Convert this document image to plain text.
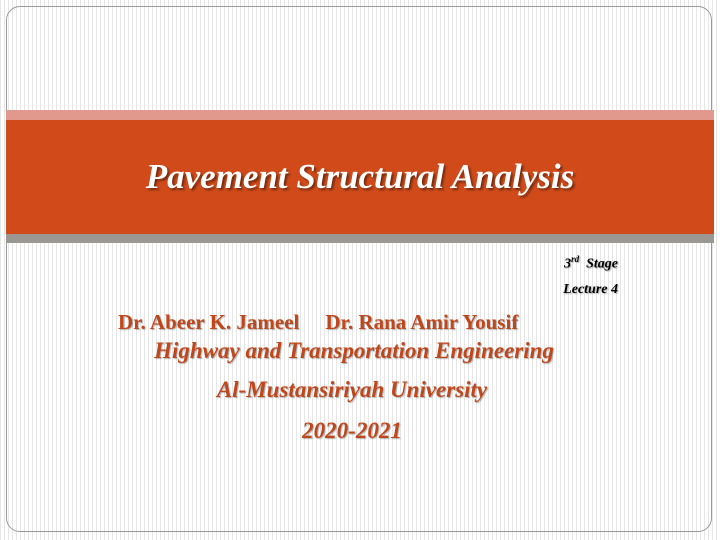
Pavement Structural Analysis
3rd Stage
Lecture 4
Dr. Abeer K. Jameel Dr. Rana Amir Yousif
Highway and Transportation Engineering
Al-Mustansiriyah University
2020-2021
